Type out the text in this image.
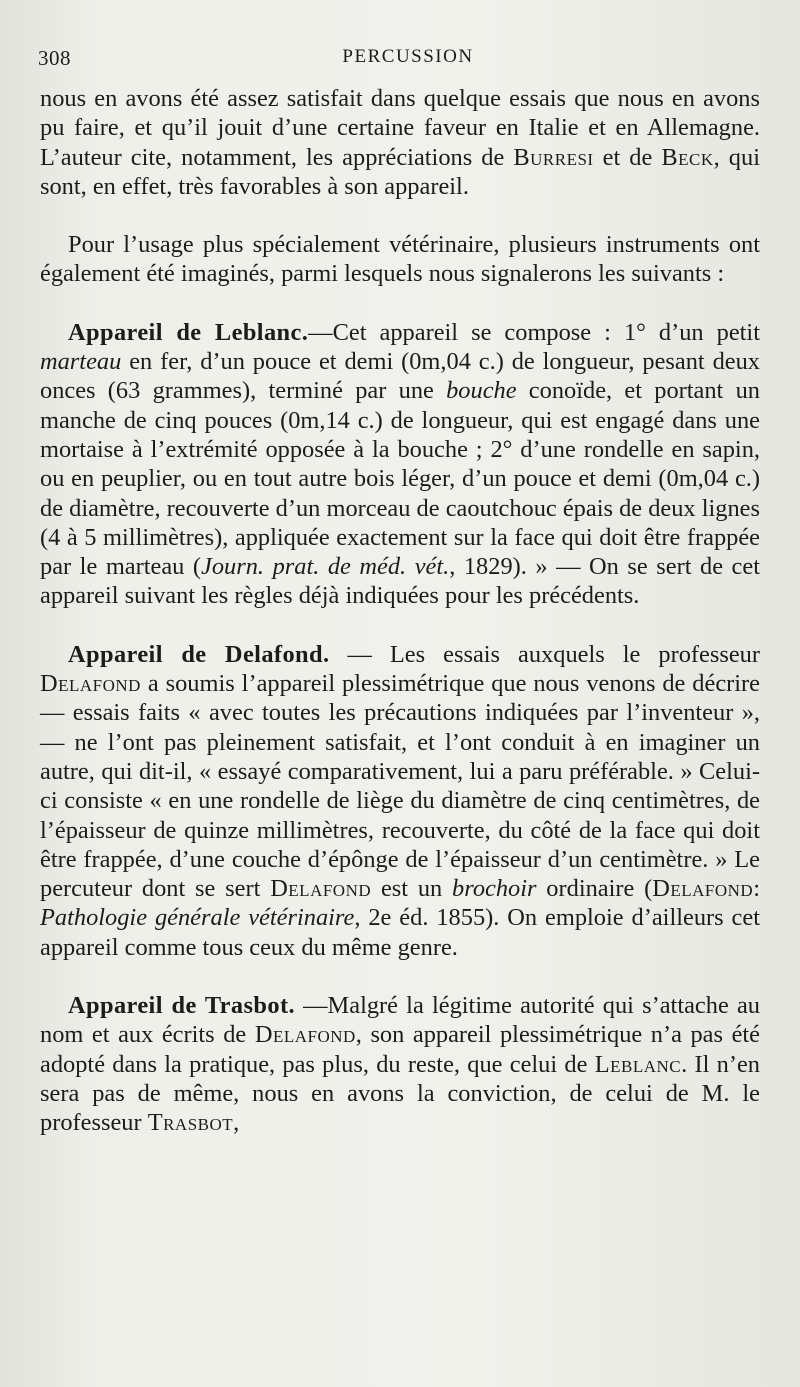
308	PERCUSSION

nous en avons été assez satisfait dans quelque essais que nous en avons pu faire, et qu’il jouit d’une certaine faveur en Italie et en Allemagne. L’auteur cite, notamment, les appréciations de Burresi et de Beck, qui sont, en effet, très favorables à son appareil.

Pour l’usage plus spécialement vétérinaire, plusieurs instruments ont également été imaginés, parmi lesquels nous signalerons les suivants :

Appareil de Leblanc.—Cet appareil se compose : 1° d’un petit marteau en fer, d’un pouce et demi (0m,04 c.) de longueur, pesant deux onces (63 grammes), terminé par une bouche conoïde, et portant un manche de cinq pouces (0m,14 c.) de longueur, qui est engagé dans une mortaise à l’extrémité opposée à la bouche ; 2° d’une rondelle en sapin, ou en peuplier, ou en tout autre bois léger, d’un pouce et demi (0m,04 c.) de diamètre, recouverte d’un morceau de caoutchouc épais de deux lignes (4 à 5 millimètres), appliquée exactement sur la face qui doit être frappée par le marteau (Journ. prat. de méd. vét., 1829). » — On se sert de cet appareil suivant les règles déjà indiquées pour les précédents.

Appareil de Delafond. — Les essais auxquels le professeur Delafond a soumis l’appareil plessimétrique que nous venons de décrire — essais faits « avec toutes les précautions indiquées par l’inventeur », — ne l’ont pas pleinement satisfait, et l’ont conduit à en imaginer un autre, qui dit-il, « essayé comparativement, lui a paru préférable. » Celui-ci consiste « en une rondelle de liège du diamètre de cinq centimètres, de l’épaisseur de quinze millimètres, recouverte, du côté de la face qui doit être frappée, d’une couche d’épônge de l’épaisseur d’un centimètre. » Le percuteur dont se sert Delafond est un brochoir ordinaire (Delafond: Pathologie générale vétérinaire, 2e éd. 1855). On emploie d’ailleurs cet appareil comme tous ceux du même genre.

Appareil de Trasbot. —Malgré la légitime autorité qui s’attache au nom et aux écrits de Delafond, son appareil plessimétrique n’a pas été adopté dans la pratique, pas plus, du reste, que celui de Leblanc. Il n’en sera pas de même, nous en avons la conviction, de celui de M. le professeur Trasbot,
